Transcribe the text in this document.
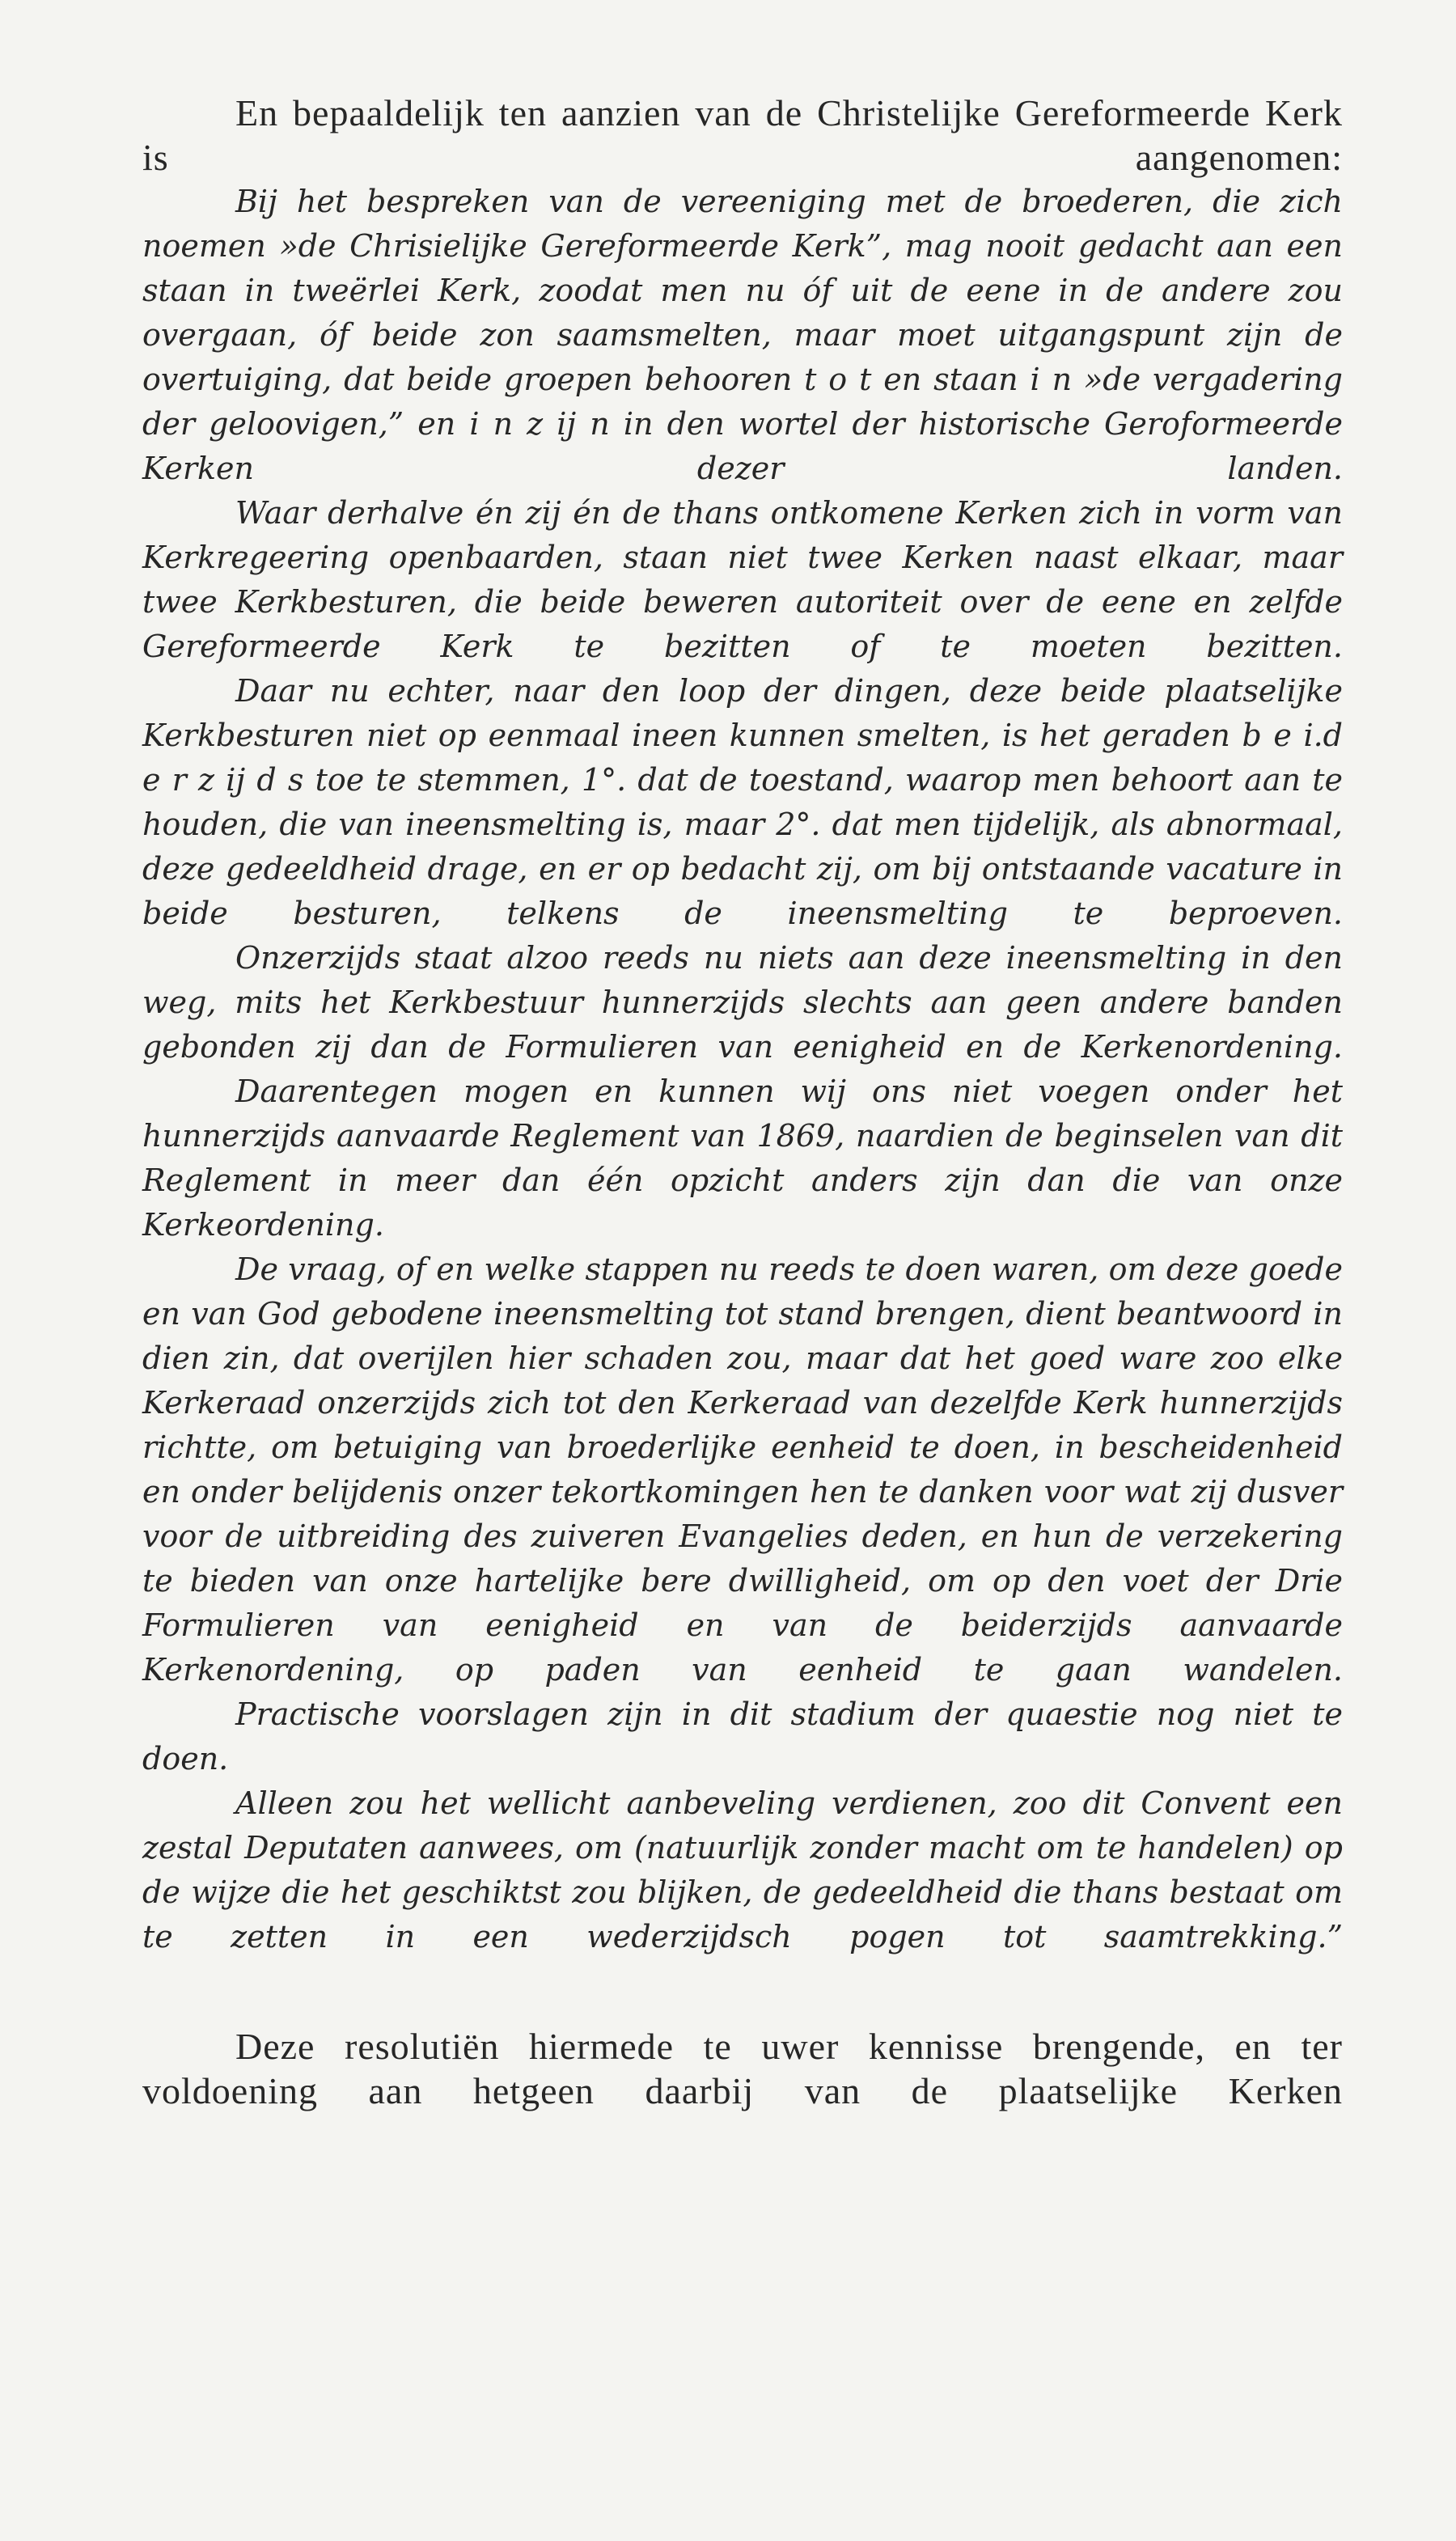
En bepaaldelijk ten aanzien van de Christelijke Gereformeerde Kerk is aangenomen:

Bij het bespreken van de vereeniging met de broederen, die zich noemen »de Chrisielijke Gereformeerde Kerk”, mag nooit gedacht aan een staan in tweërlei Kerk, zoodat men nu óf uit de eene in de andere zou overgaan, óf beide zon saamsmelten, maar moet uitgangspunt zijn de overtuiging, dat beide groepen behooren t o t en staan i n »de vergadering der geloovigen,” en i n z ij n in den wortel der historische Geroformeerde Kerken dezer landen.

Waar derhalve én zij én de thans ontkomene Kerken zich in vorm van Kerkregeering openbaarden, staan niet twee Kerken naast elkaar, maar twee Kerkbesturen, die beide beweren autoriteit over de eene en zelfde Gereformeerde Kerk te bezitten of te moeten bezitten.

Daar nu echter, naar den loop der dingen, deze beide plaatselijke Kerkbesturen niet op eenmaal ineen kunnen smelten, is het geraden b e i.d e r z ij d s toe te stemmen, 1°. dat de toestand, waarop men behoort aan te houden, die van ineensmelting is, maar 2°. dat men tijdelijk, als abnormaal, deze gedeeldheid drage, en er op bedacht zij, om bij ontstaande vacature in beide besturen, telkens de ineensmelting te beproeven.

Onzerzijds staat alzoo reeds nu niets aan deze ineensmelting in den weg, mits het Kerkbestuur hunnerzijds slechts aan geen andere banden gebonden zij dan de Formulieren van eenigheid en de Kerkenordening.

Daarentegen mogen en kunnen wij ons niet voegen onder het hunnerzijds aanvaarde Reglement van 1869, naardien de beginselen van dit Reglement in meer dan één opzicht anders zijn dan die van onze Kerkeordening.

De vraag, of en welke stappen nu reeds te doen waren, om deze goede en van God gebodene ineensmelting tot stand brengen, dient beantwoord in dien zin, dat overijlen hier schaden zou, maar dat het goed ware zoo elke Kerkeraad onzerzijds zich tot den Kerkeraad van dezelfde Kerk hunnerzijds richtte, om betuiging van broederlijke eenheid te doen, in bescheidenheid en onder belijdenis onzer tekortkomingen hen te danken voor wat zij dusver voor de uitbreiding des zuiveren Evangelies deden, en hun de verzekering te bieden van onze hartelijke bere dwilligheid, om op den voet der Drie Formulieren van eenigheid en van de beiderzijds aanvaarde Kerkenordening, op paden van eenheid te gaan wandelen.

Practische voorslagen zijn in dit stadium der quaestie nog niet te doen.

Alleen zou het wellicht aanbeveling verdienen, zoo dit Convent een zestal Deputaten aanwees, om (natuurlijk zonder macht om te handelen) op de wijze die het geschiktst zou blijken, de gedeeldheid die thans bestaat om te zetten in een wederzijdsch pogen tot saamtrekking.”

Deze resolutiën hiermede te uwer kennisse brengende, en ter voldoening aan hetgeen daarbij van de plaatselijke Kerken
